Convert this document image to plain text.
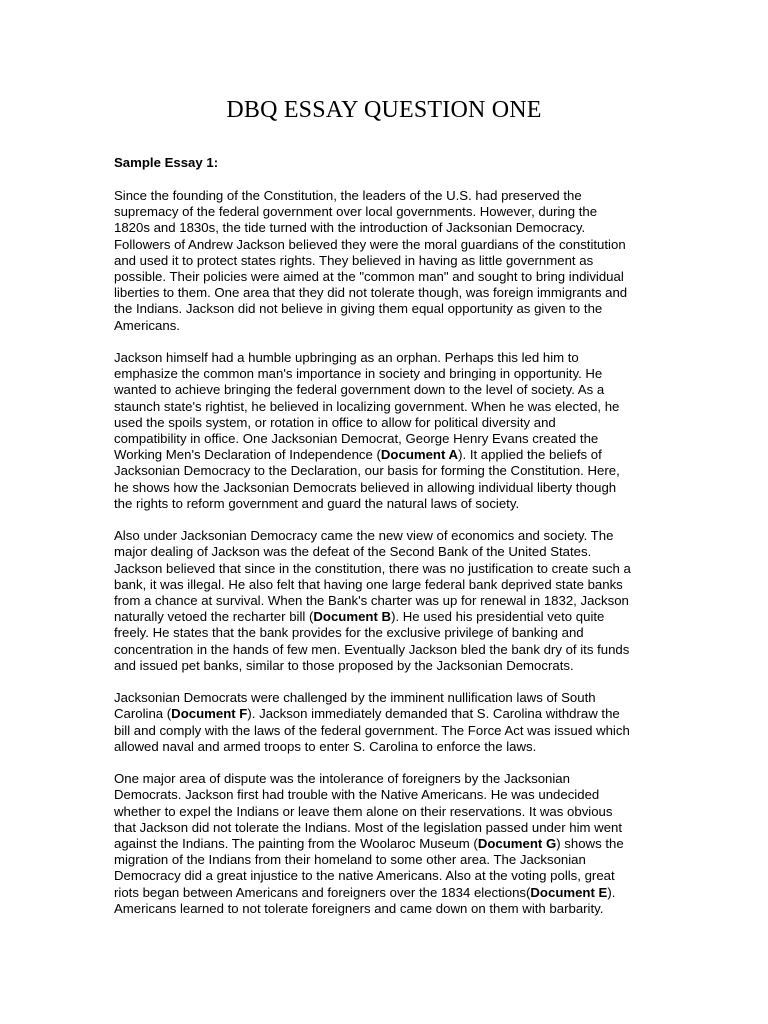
DBQ ESSAY QUESTION ONE
Sample Essay 1:
Since the founding of the Constitution, the leaders of the U.S. had preserved the
supremacy of the federal government over local governments. However, during the
1820s and 1830s, the tide turned with the introduction of Jacksonian Democracy.
Followers of Andrew Jackson believed they were the moral guardians of the constitution
and used it to protect states rights. They believed in having as little government as
possible. Their policies were aimed at the "common man" and sought to bring individual
liberties to them. One area that they did not tolerate though, was foreign immigrants and
the Indians. Jackson did not believe in giving them equal opportunity as given to the
Americans.
Jackson himself had a humble upbringing as an orphan. Perhaps this led him to
emphasize the common man's importance in society and bringing in opportunity. He
wanted to achieve bringing the federal government down to the level of society. As a
staunch state's rightist, he believed in localizing government. When he was elected, he
used the spoils system, or rotation in office to allow for political diversity and
compatibility in office. One Jacksonian Democrat, George Henry Evans created the
Working Men's Declaration of Independence (Document A). It applied the beliefs of
Jacksonian Democracy to the Declaration, our basis for forming the Constitution. Here,
he shows how the Jacksonian Democrats believed in allowing individual liberty though
the rights to reform government and guard the natural laws of society.
Also under Jacksonian Democracy came the new view of economics and society. The
major dealing of Jackson was the defeat of the Second Bank of the United States.
Jackson believed that since in the constitution, there was no justification to create such a
bank, it was illegal. He also felt that having one large federal bank deprived state banks
from a chance at survival. When the Bank's charter was up for renewal in 1832, Jackson
naturally vetoed the recharter bill (Document B). He used his presidential veto quite
freely. He states that the bank provides for the exclusive privilege of banking and
concentration in the hands of few men. Eventually Jackson bled the bank dry of its funds
and issued pet banks, similar to those proposed by the Jacksonian Democrats.
Jacksonian Democrats were challenged by the imminent nullification laws of South
Carolina (Document F). Jackson immediately demanded that S. Carolina withdraw the
bill and comply with the laws of the federal government. The Force Act was issued which
allowed naval and armed troops to enter S. Carolina to enforce the laws.
One major area of dispute was the intolerance of foreigners by the Jacksonian
Democrats. Jackson first had trouble with the Native Americans. He was undecided
whether to expel the Indians or leave them alone on their reservations. It was obvious
that Jackson did not tolerate the Indians. Most of the legislation passed under him went
against the Indians. The painting from the Woolaroc Museum (Document G) shows the
migration of the Indians from their homeland to some other area. The Jacksonian
Democracy did a great injustice to the native Americans. Also at the voting polls, great
riots began between Americans and foreigners over the 1834 elections(Document E).
Americans learned to not tolerate foreigners and came down on them with barbarity.
